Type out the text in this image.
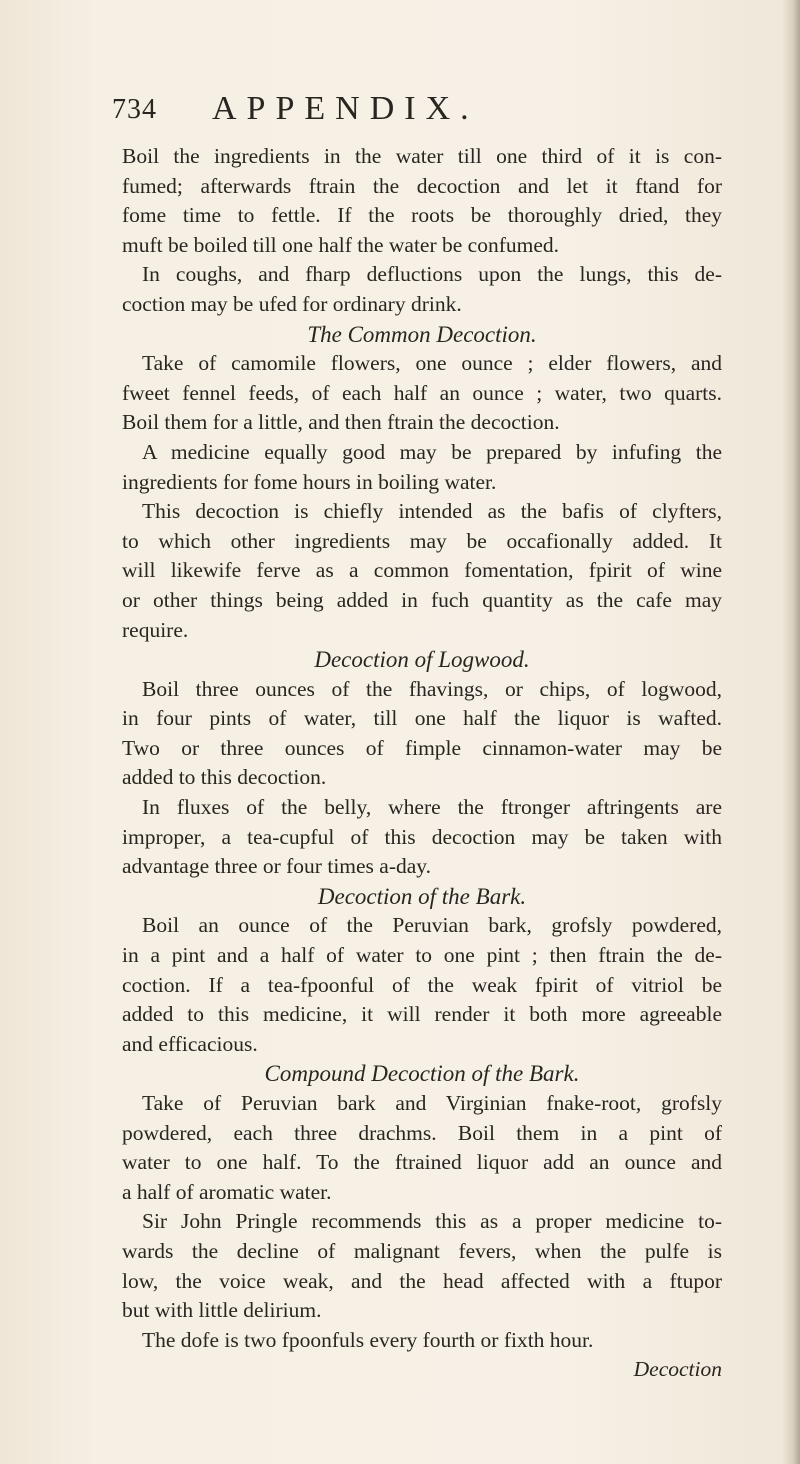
734 APPENDIX.
Boil the ingredients in the water till one third of it is con-
fumed; afterwards ftrain the decoction and let it ftand for
fome time to fettle. If the roots be thoroughly dried, they
muft be boiled till one half the water be confumed.
In coughs, and fharp defluctions upon the lungs, this de-
coction may be ufed for ordinary drink.
The Common Decoction.
Take of camomile flowers, one ounce ; elder flowers, and
fweet fennel feeds, of each half an ounce ; water, two quarts.
Boil them for a little, and then ftrain the decoction.
A medicine equally good may be prepared by infufing the
ingredients for fome hours in boiling water.
This decoction is chiefly intended as the bafis of clyfters,
to which other ingredients may be occafionally added. It
will likewife ferve as a common fomentation, fpirit of wine
or other things being added in fuch quantity as the cafe may
require.
Decoction of Logwood.
Boil three ounces of the fhavings, or chips, of logwood,
in four pints of water, till one half the liquor is wafted.
Two or three ounces of fimple cinnamon-water may be
added to this decoction.
In fluxes of the belly, where the ftronger aftringents are
improper, a tea-cupful of this decoction may be taken with
advantage three or four times a-day.
Decoction of the Bark.
Boil an ounce of the Peruvian bark, grofsly powdered,
in a pint and a half of water to one pint ; then ftrain the de-
coction. If a tea-fpoonful of the weak fpirit of vitriol be
added to this medicine, it will render it both more agreeable
and efficacious.
Compound Decoction of the Bark.
Take of Peruvian bark and Virginian fnake-root, grofsly
powdered, each three drachms. Boil them in a pint of
water to one half. To the ftrained liquor add an ounce and
a half of aromatic water.
Sir John Pringle recommends this as a proper medicine to-
wards the decline of malignant fevers, when the pulfe is
low, the voice weak, and the head affected with a ftupor
but with little delirium.
The dofe is two fpoonfuls every fourth or fixth hour.
Decoction
